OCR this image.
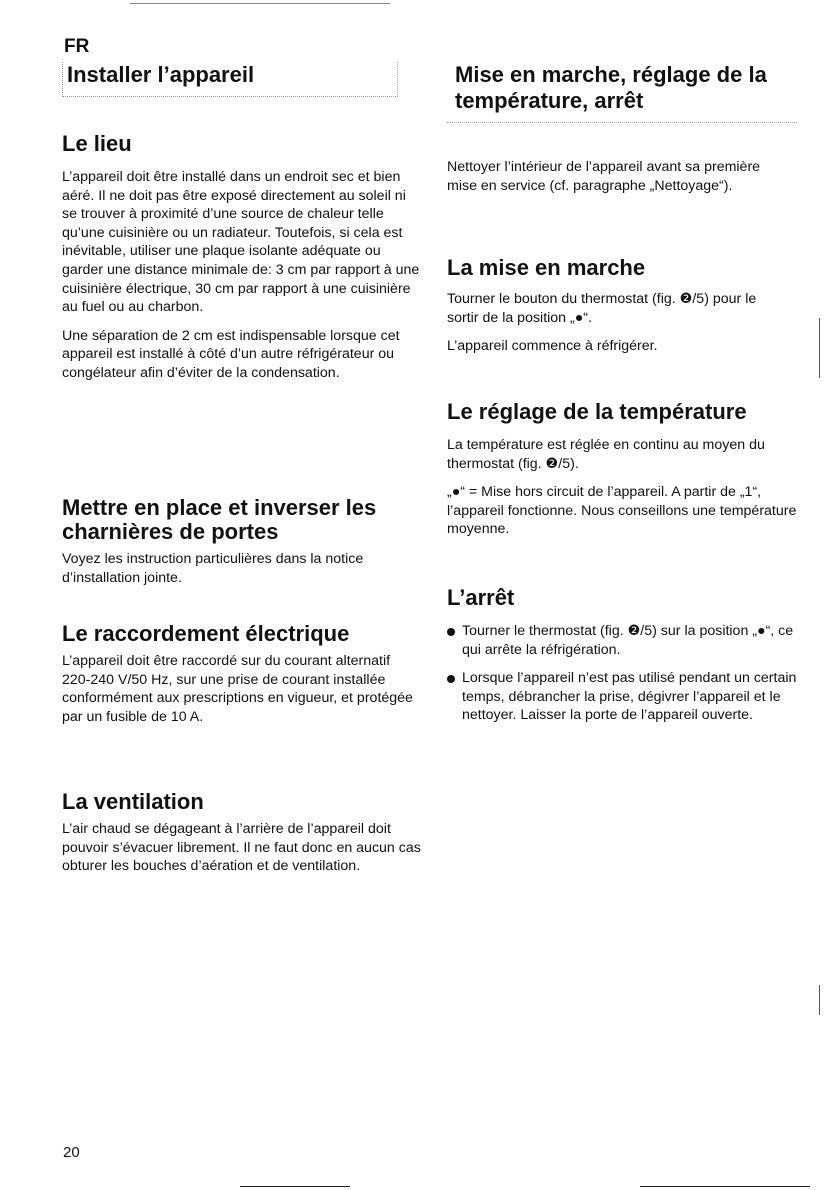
FR
Installer l’appareil
Le lieu

L’appareil doit être installé dans un endroit sec et bien aéré. Il ne doit pas être exposé directement au soleil ni se trouver à proximité d’une source de chaleur telle qu’une cuisinière ou un radiateur. Toutefois, si cela est inévitable, utiliser une plaque isolante adéquate ou garder une distance minimale de: 3 cm par rapport à une cuisinière électrique, 30 cm par rapport à une cuisinière au fuel ou au charbon.

Une séparation de 2 cm est indispensable lorsque cet appareil est installé à côté d’un autre réfrigérateur ou congélateur afin d’éviter de la condensation.

Mettre en place et inverser les charnières de portes

Voyez les instruction particulières dans la notice d’installation jointe.

Le raccordement électrique

L’appareil doit être raccordé sur du courant alternatif 220-240 V/50 Hz, sur une prise de courant installée conformément aux prescriptions en vigueur, et protégée par un fusible de 10 A.

La ventilation

L’air chaud se dégageant à l’arrière de l’appareil doit pouvoir s’évacuer librement. Il ne faut donc en aucun cas obturer les bouches d’aération et de ventilation.

Mise en marche, réglage de la température, arrêt

Nettoyer l’intérieur de l’appareil avant sa première mise en service (cf. paragraphe „Nettoyage“).

La mise en marche

Tourner le bouton du thermostat (fig. ❷/5) pour le sortir de la position „●“.

L’appareil commence à réfrigérer.

Le réglage de la température

La température est réglée en continu au moyen du thermostat (fig. ❷/5).

„●“ = Mise hors circuit de l’appareil. A partir de „1“, l’appareil fonctionne. Nous conseillons une température moyenne.

L’arrêt
Tourner le thermostat (fig. ❷/5) sur la position „●“, ce qui arrête la réfrigération.
Lorsque l’appareil n’est pas utilisé pendant un certain temps, débrancher la prise, dégivrer l’appareil et le nettoyer. Laisser la porte de l’appareil ouverte.
20
